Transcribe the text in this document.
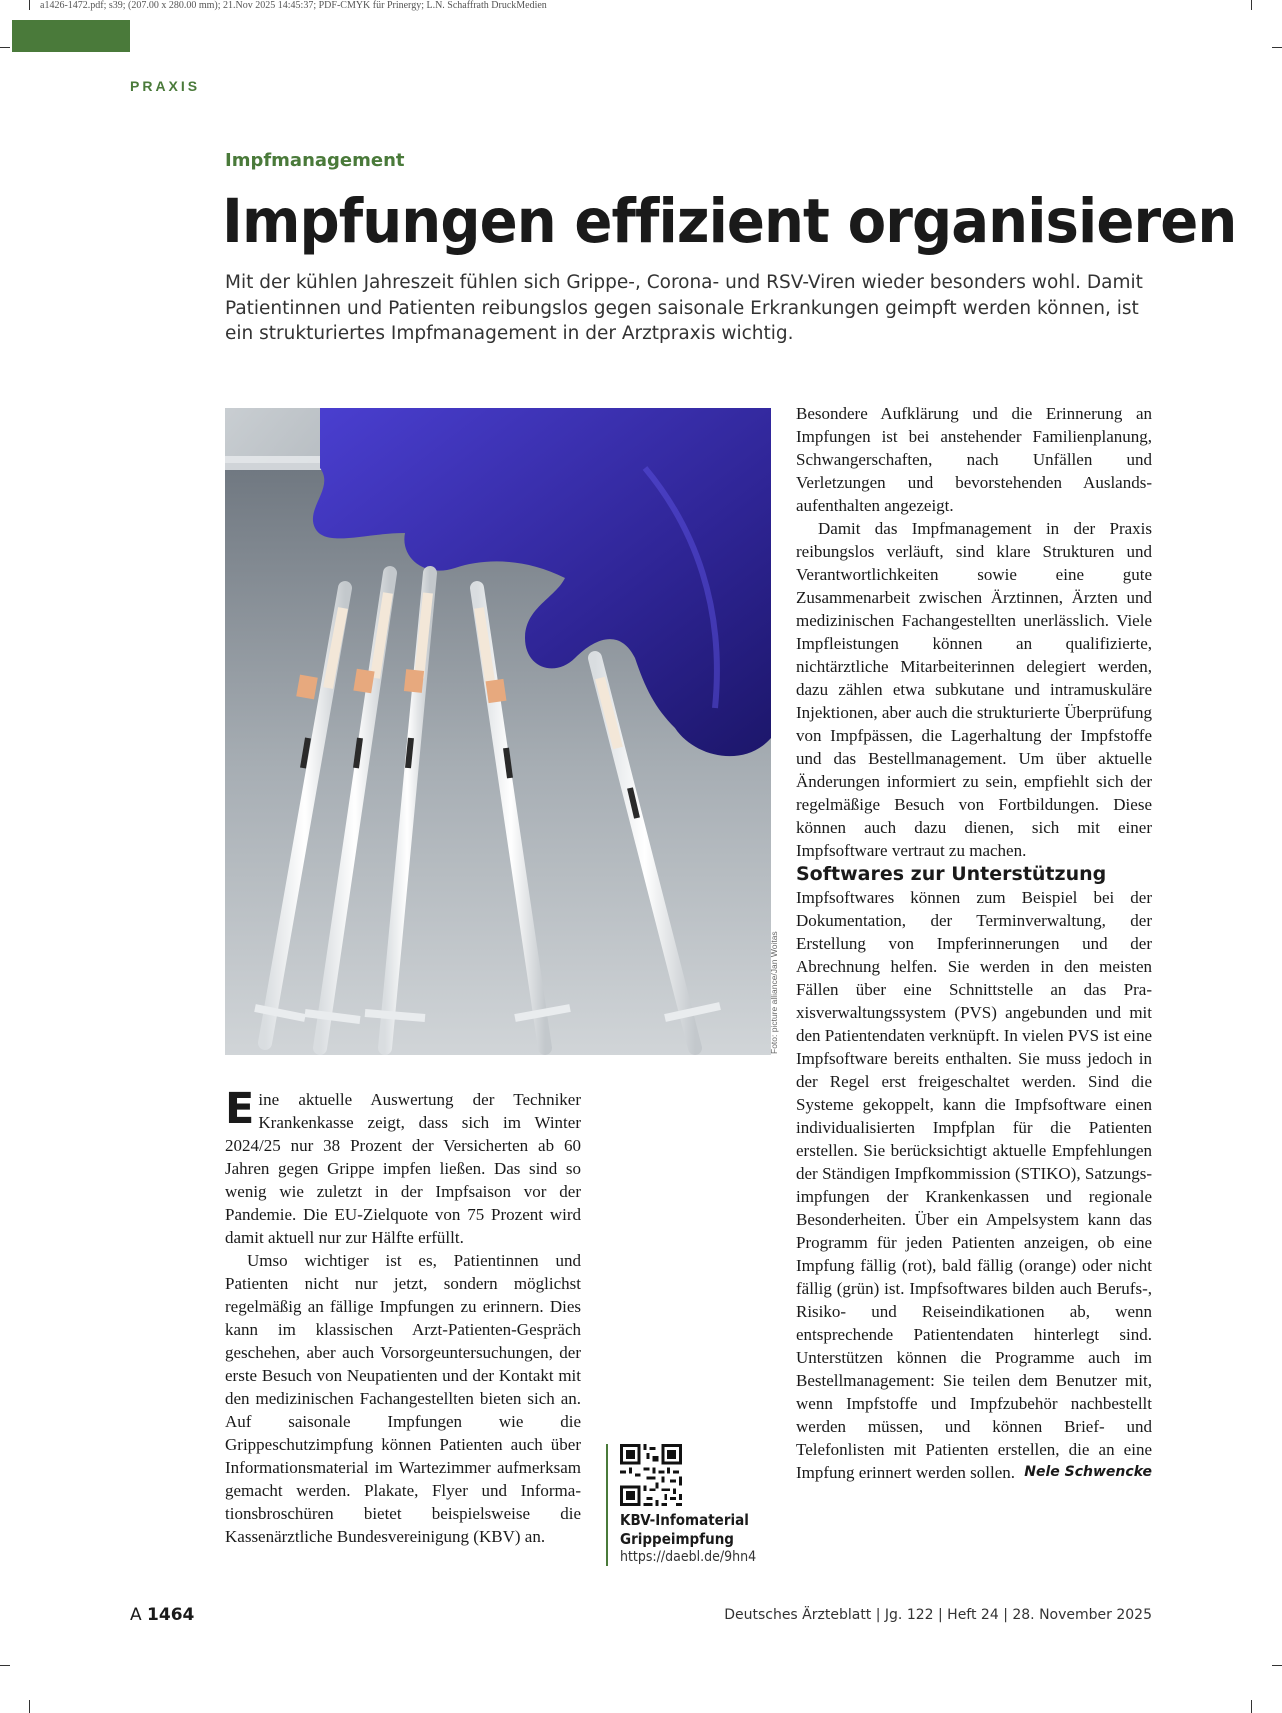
a1426-1472.pdf; s39; (207.00 x 280.00 mm); 21.Nov 2025 14:45:37; PDF-CMYK für Prinergy; L.N. Schaffrath DruckMedien
PRAXIS
Impfmanagement
Impfungen effizient organisieren
Mit der kühlen Jahreszeit fühlen sich Grippe-, Corona- und RSV-Viren wieder besonders wohl. Damit Patientinnen und Patienten reibungslos gegen saisonale Erkrankungen geimpft werden können, ist ein strukturiertes Impfmanagement in der Arztpraxis wichtig.
Foto: picture alliance/Jan Woitas

Eine aktuelle Auswertung der Techniker Krankenkasse zeigt, dass sich im Winter 2024/25 nur 38 Prozent der Versicherten ab 60 Jahren gegen Grippe impfen ließen. Das sind so wenig wie zuletzt in der Impfsaison vor der Pandemie. Die EU-Zielquote von 75 Prozent wird damit aktuell nur zur Hälfte erfüllt.

Umso wichtiger ist es, Patientinnen und Patienten nicht nur jetzt, sondern möglichst regelmäßig an fällige Impfungen zu erinnern. Dies kann im klassischen Arzt-Patienten-Gespräch geschehen, aber auch Vorsorgeuntersuchungen, der erste Besuch von Neupatienten und der Kontakt mit den medizinischen Fachangestellten bieten sich an. Auf saisonale Impfungen wie die Grippeschutzimpfung können Patienten auch über Informationsmaterial im Wartezimmer aufmerksam gemacht werden. Plakate, Flyer und Informationsbroschüren bietet beispielsweise die Kassenärztliche Bundesvereinigung (KBV) an.

Besondere Aufklärung und die Erinnerung an Impfungen ist bei anstehender Familienplanung, Schwangerschaften, nach Unfällen und Verletzungen und bevorstehenden Auslandsaufenthalten angezeigt.

Damit das Impfmanagement in der Praxis reibungslos verläuft, sind klare Strukturen und Verantwortlichkeiten sowie eine gute Zusammenarbeit zwischen Ärztinnen, Ärzten und medizinischen Fachangestellten unerlässlich. Viele Impfleistungen können an qualifizierte, nichtärztliche Mitarbeiterinnen delegiert werden, dazu zählen etwa subkutane und intramuskuläre Injektionen, aber auch die strukturierte Überprüfung von Impfpässen, die Lagerhaltung der Impfstoffe und das Bestellmanagement. Um über aktuelle Änderungen informiert zu sein, empfiehlt sich der regelmäßige Besuch von Fortbildungen. Diese können auch dazu dienen, sich mit einer Impfsoftware vertraut zu machen.

Softwares zur Unterstützung

Impfsoftwares können zum Beispiel bei der Dokumentation, der Terminverwaltung, der Erstellung von Impferinnerungen und der Abrechnung helfen. Sie werden in den meisten Fällen über eine Schnittstelle an das Praxisverwaltungssystem (PVS) angebunden und mit den Patientendaten verknüpft. In vielen PVS ist eine Impfsoftware bereits enthalten. Sie muss jedoch in der Regel erst freigeschaltet werden. Sind die Systeme gekoppelt, kann die Impfsoftware einen individualisierten Impfplan für die Patienten erstellen. Sie berücksichtigt aktuelle Empfehlungen der Ständigen Impfkommission (STIKO), Satzungsimpfungen der Krankenkassen und regionale Besonderheiten. Über ein Ampelsystem kann das Programm für jeden Patienten anzeigen, ob eine Impfung fällig (rot), bald fällig (orange) oder nicht fällig (grün) ist. Impfsoftwares bilden auch Berufs-, Risiko- und Reiseindikationen ab, wenn entsprechende Patientendaten hinterlegt sind. Unterstützen können die Programme auch im Bestellmanagement: Sie teilen dem Benutzer mit, wenn Impfstoffe und Impfzubehör nachbestellt werden müssen, und können Brief- und Telefonlisten mit Patienten erstellen, die an eine Impfung erinnert werden sollen. Nele Schwencke

KBV-Infomaterial
Grippeimpfung
https://daebl.de/9hn4
A 1464	Deutsches Ärzteblatt | Jg. 122 | Heft 24 | 28. November 2025
